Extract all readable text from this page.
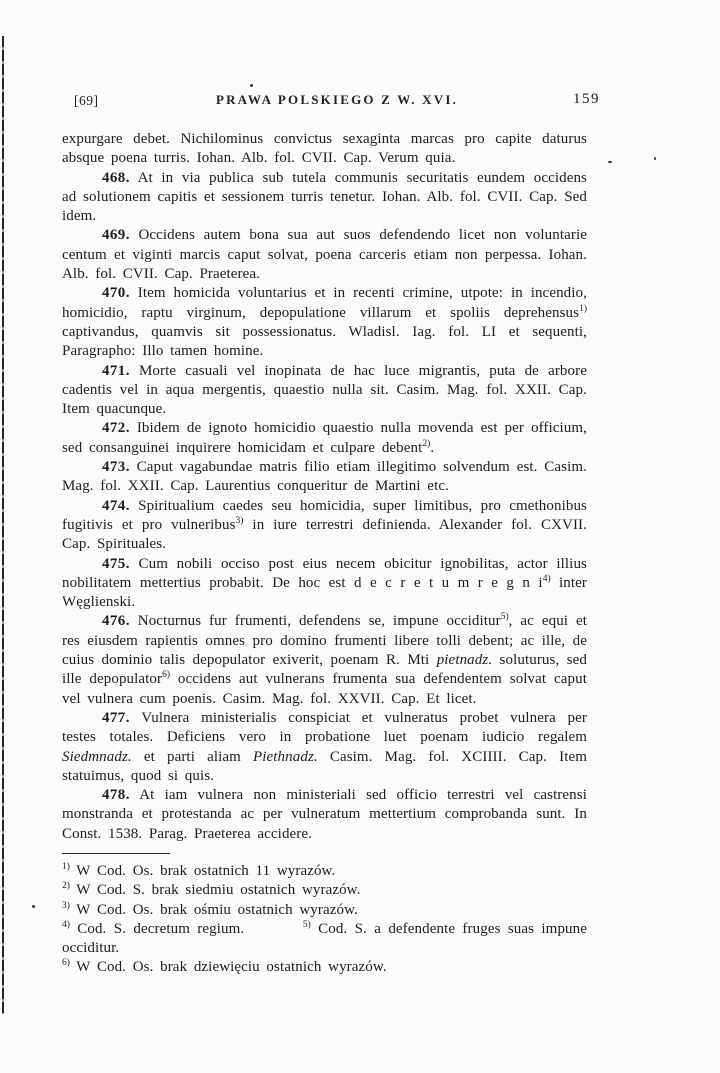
[69]	PRAWA POLSKIEGO Z W. XVI.	159

expurgare debet. Nichilominus convictus sexaginta marcas pro capite daturus absque poena turris. Iohan. Alb. fol. CVII. Cap. Verum quia.

468. At in via publica sub tutela communis securitatis eundem occidens ad solutionem capitis et sessionem turris tenetur. Iohan. Alb. fol. CVII. Cap. Sed idem.

469. Occidens autem bona sua aut suos defendendo licet non voluntarie centum et viginti marcis caput solvat, poena carceris etiam non perpessa. Iohan. Alb. fol. CVII. Cap. Praeterea.

470. Item homicida voluntarius et in recenti crimine, utpote: in incendio, homicidio, raptu virginum, depopulatione villarum et spoliis deprehensus$^{1)}$ captivandus, quamvis sit possessionatus. Wladisl. Iag. fol. LI et sequenti, Paragrapho: Illo tamen homine.

471. Morte casuali vel inopinata de hac luce migrantis, puta de arbore cadentis vel in aqua mergentis, quaestio nulla sit. Casim. Mag. fol. XXII. Cap. Item quacunque.

472. Ibidem de ignoto homicidio quaestio nulla movenda est per officium, sed consanguinei inquirere homicidam et culpare debent$^{2)}$.

473. Caput vagabundae matris filio etiam illegitimo solvendum est. Casim. Mag. fol. XXII. Cap. Laurentius conqueritur de Martini etc.

474. Spiritualium caedes seu homicidia, super limitibus, pro cmethonibus fugitivis et pro vulneribus$^{3)}$ in iure terrestri definienda. Alexander fol. CXVII. Cap. Spirituales.

475. Cum nobili occiso post eius necem obicitur ignobilitas, actor illius nobilitatem mettertius probabit. De hoc est d e c r e t u m r e g n $i^{4)}$ inter Węglienski.

476. Nocturnus fur frumenti, defendens se, impune occiditur$^{5)}$, ac equi et res eiusdem rapientis omnes pro domino frumenti libere tolli debent; ac ille, de cuius dominio talis depopulator exiverit, poenam R. Mti pietnadz. soluturus, sed ille depopulator$^{6)}$ occidens aut vulnerans frumenta sua defendentem solvat caput vel vulnera cum poenis. Casim. Mag. fol. XXVII. Cap. Et licet.

477. Vulnera ministerialis conspiciat et vulneratus probet vulnera per testes totales. Deficiens vero in probatione luet poenam iudicio regalem Siedmnadz. et parti aliam Piethnadz. Casim. Mag. fol. XCIIII. Cap. Item statuimus, quod si quis.

478. At iam vulnera non ministeriali sed officio terrestri vel castrensi monstranda et protestanda ac per vulneratum mettertium comprobanda sunt. In Const. 1538. Parag. Praeterea accidere.

$^{1)}$ W Cod. Os. brak ostatnich 11 wyrazów.

$^{2)}$ W Cod. S. brak siedmiu ostatnich wyrazów.

$^{3)}$ W Cod. Os. brak ośmiu ostatnich wyrazów.

$^{4)}$ Cod. S. decretum regium.	$^{5)}$ Cod. S. a defendente fruges suas impune occiditur.

$^{6)}$ W Cod. Os. brak dziewięciu ostatnich wyrazów.
